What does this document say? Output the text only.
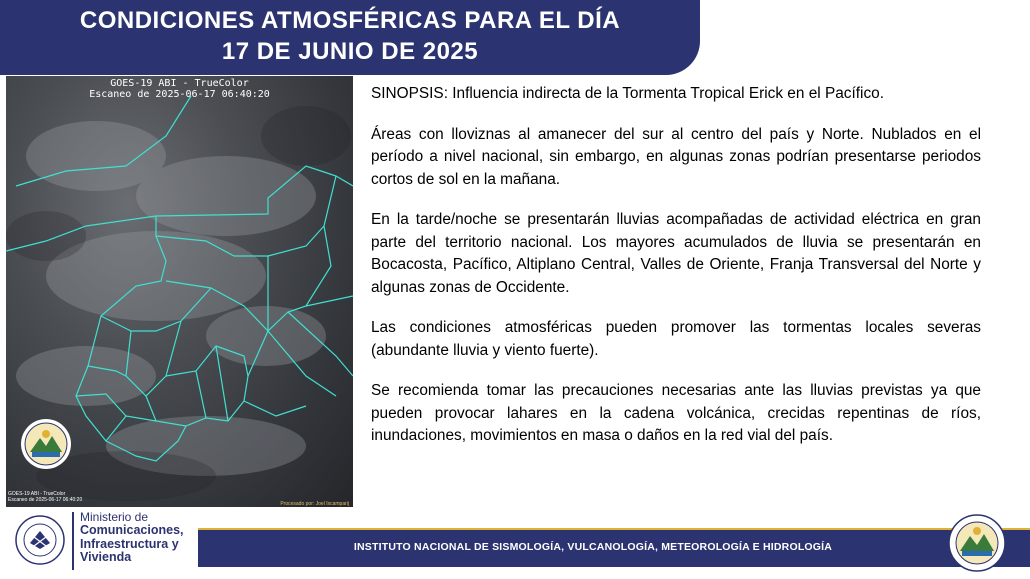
CONDICIONES ATMOSFÉRICAS PARA EL DÍA
17 DE JUNIO DE 2025
GOES-19 ABI - TrueColor
Escaneo de 2025-06-17 06:40:20
GOES-19 ABI - TrueColor
Escaneo de 2025-06-17 06:40:20
Procesado por: Joel Ixcamparij

SINOPSIS: Influencia indirecta de la Tormenta Tropical Erick en el Pacífico.

Áreas con lloviznas al amanecer del sur al centro del país y Norte. Nublados en el período a nivel nacional, sin embargo, en algunas zonas podrían presentarse periodos cortos de sol en la mañana.

En la tarde/noche se presentarán lluvias acompañadas de actividad eléctrica en gran parte del territorio nacional. Los mayores acumulados de lluvia se presentarán en Bocacosta, Pacífico, Altiplano Central, Valles de Oriente, Franja Transversal del Norte y algunas zonas de Occidente.

Las condiciones atmosféricas pueden promover las tormentas locales severas (abundante lluvia y viento fuerte).

Se recomienda tomar las precauciones necesarias ante las lluvias previstas ya que pueden provocar lahares en la cadena volcánica, crecidas repentinas de ríos, inundaciones, movimientos en masa o daños en la red vial del país.

Ministerio de
Comunicaciones,
Infraestructura y
Vivienda
INSTITUTO NACIONAL DE SISMOLOGÍA, VULCANOLOGÍA, METEOROLOGÍA E HIDROLOGÍA
